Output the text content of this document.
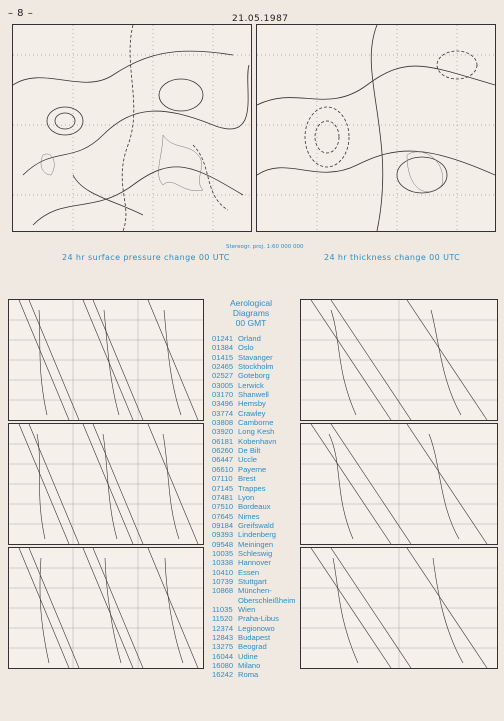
– 8 –	21.05.1987
Stereogr. proj. 1:60 000 000
24 hr surface pressure change 00 UTC	24 hr thickness change 00 UTC
Aerological
Diagrams
00 GMT
01241 Orland
01384 Oslo
01415 Stavanger
02465 Stockholm
02527 Goteborg
03005 Lerwick
03170 Shanwell
03496 Hemsby
03774 Crawley
03808 Camborne
03920 Long Kesh
06181 Kobenhavn
06260 De Bilt
06447 Uccle
06610 Payerne
07110 Brest
07145 Trappes
07481 Lyon
07510 Bordeaux
07645 Nimes
09184 Greifswald
09393 Lindenberg
09548 Meiningen
10035 Schleswig
10338 Hannover
10410 Essen
10739 Stuttgart
10868 München-
Oberschleißheim
11035 Wien
11520 Praha-Libus
12374 Legionowo
12843 Budapest
13275 Beograd
16044 Udine
16080 Milano
16242 Roma
